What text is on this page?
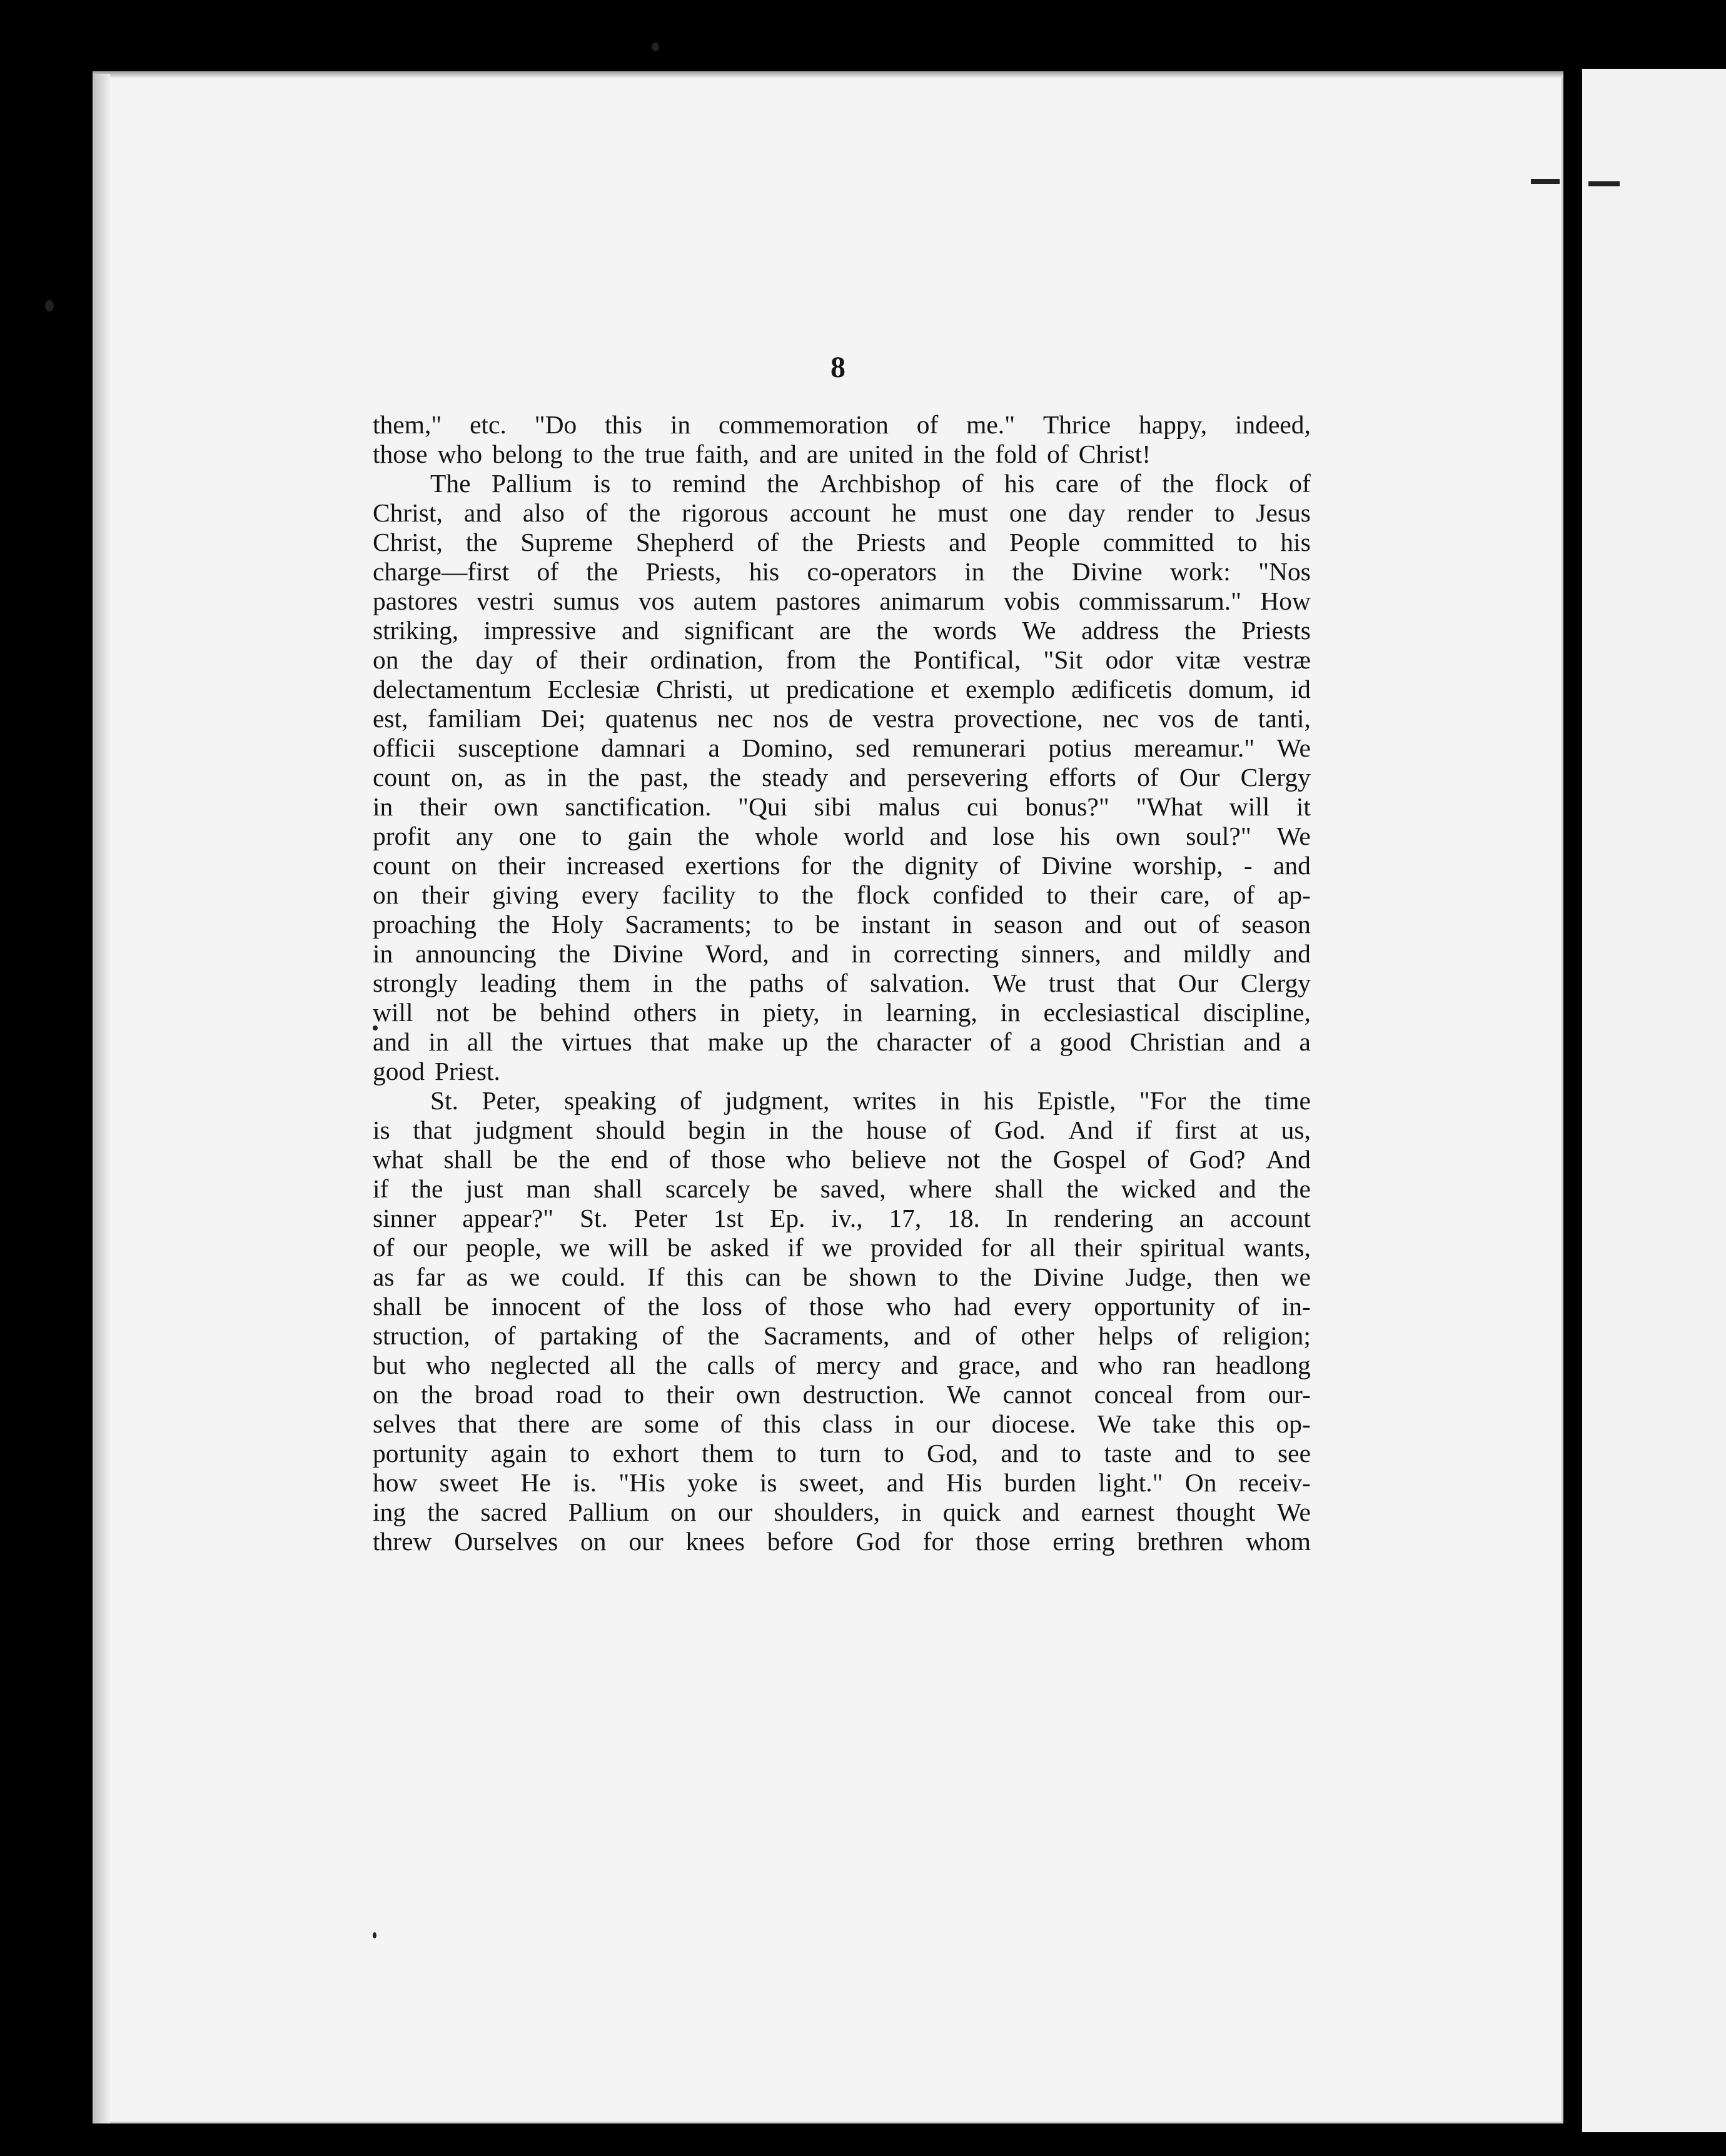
8
them," etc. "Do this in commemoration of me." Thrice happy, indeed,
those who belong to the true faith, and are united in the fold of Christ!
The Pallium is to remind the Archbishop of his care of the flock of
Christ, and also of the rigorous account he must one day render to Jesus
Christ, the Supreme Shepherd of the Priests and People committed to his
charge—first of the Priests, his co-operators in the Divine work: "Nos
pastores vestri sumus vos autem pastores animarum vobis commissarum." How
striking, impressive and significant are the words We address the Priests
on the day of their ordination, from the Pontifical, "Sit odor vitæ vestræ
delectamentum Ecclesiæ Christi, ut predicatione et exemplo ædificetis domum, id
est, familiam Dei; quatenus nec nos de vestra provectione, nec vos de tanti,
officii susceptione damnari a Domino, sed remunerari potius mereamur." We
count on, as in the past, the steady and persevering efforts of Our Clergy
in their own sanctification. "Qui sibi malus cui bonus?" "What will it
profit any one to gain the whole world and lose his own soul?" We
count on their increased exertions for the dignity of Divine worship, - and
on their giving every facility to the flock confided to their care, of ap-
proaching the Holy Sacraments; to be instant in season and out of season
in announcing the Divine Word, and in correcting sinners, and mildly and
strongly leading them in the paths of salvation. We trust that Our Clergy
will not be behind others in piety, in learning, in ecclesiastical discipline,
and in all the virtues that make up the character of a good Christian and a
good Priest.
St. Peter, speaking of judgment, writes in his Epistle, "For the time
is that judgment should begin in the house of God. And if first at us,
what shall be the end of those who believe not the Gospel of God? And
if the just man shall scarcely be saved, where shall the wicked and the
sinner appear?" St. Peter 1st Ep. iv., 17, 18. In rendering an account
of our people, we will be asked if we provided for all their spiritual wants,
as far as we could. If this can be shown to the Divine Judge, then we
shall be innocent of the loss of those who had every opportunity of in-
struction, of partaking of the Sacraments, and of other helps of religion;
but who neglected all the calls of mercy and grace, and who ran headlong
on the broad road to their own destruction. We cannot conceal from our-
selves that there are some of this class in our diocese. We take this op-
portunity again to exhort them to turn to God, and to taste and to see
how sweet He is. "His yoke is sweet, and His burden light." On receiv-
ing the sacred Pallium on our shoulders, in quick and earnest thought We
threw Ourselves on our knees before God for those erring brethren whom
